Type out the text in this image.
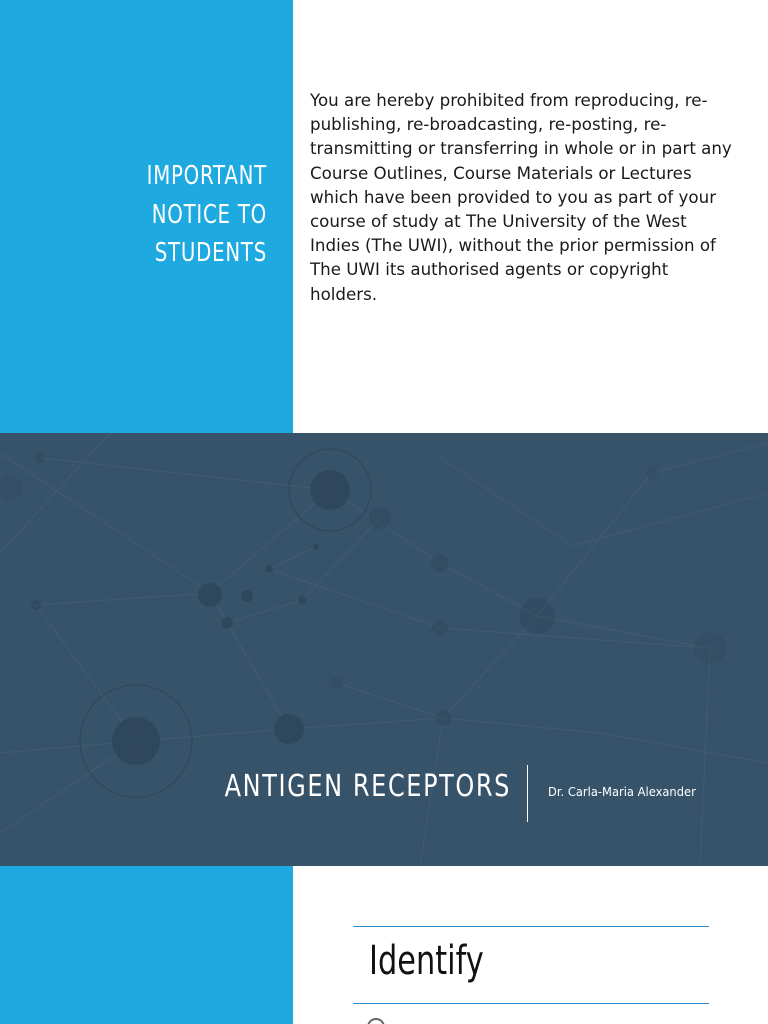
IMPORTANT
NOTICE TO
STUDENTS
You are hereby prohibited from reproducing, re-publishing, re-broadcasting, re-posting, re-transmitting or transferring in whole or in part any Course Outlines, Course Materials or Lectures which have been provided to you as part of your course of study at The University of the West Indies (The UWI), without the prior permission of The UWI its authorised agents or copyright holders.
ANTIGEN RECEPTORS	Dr. Carla-Maria Alexander
Identify
